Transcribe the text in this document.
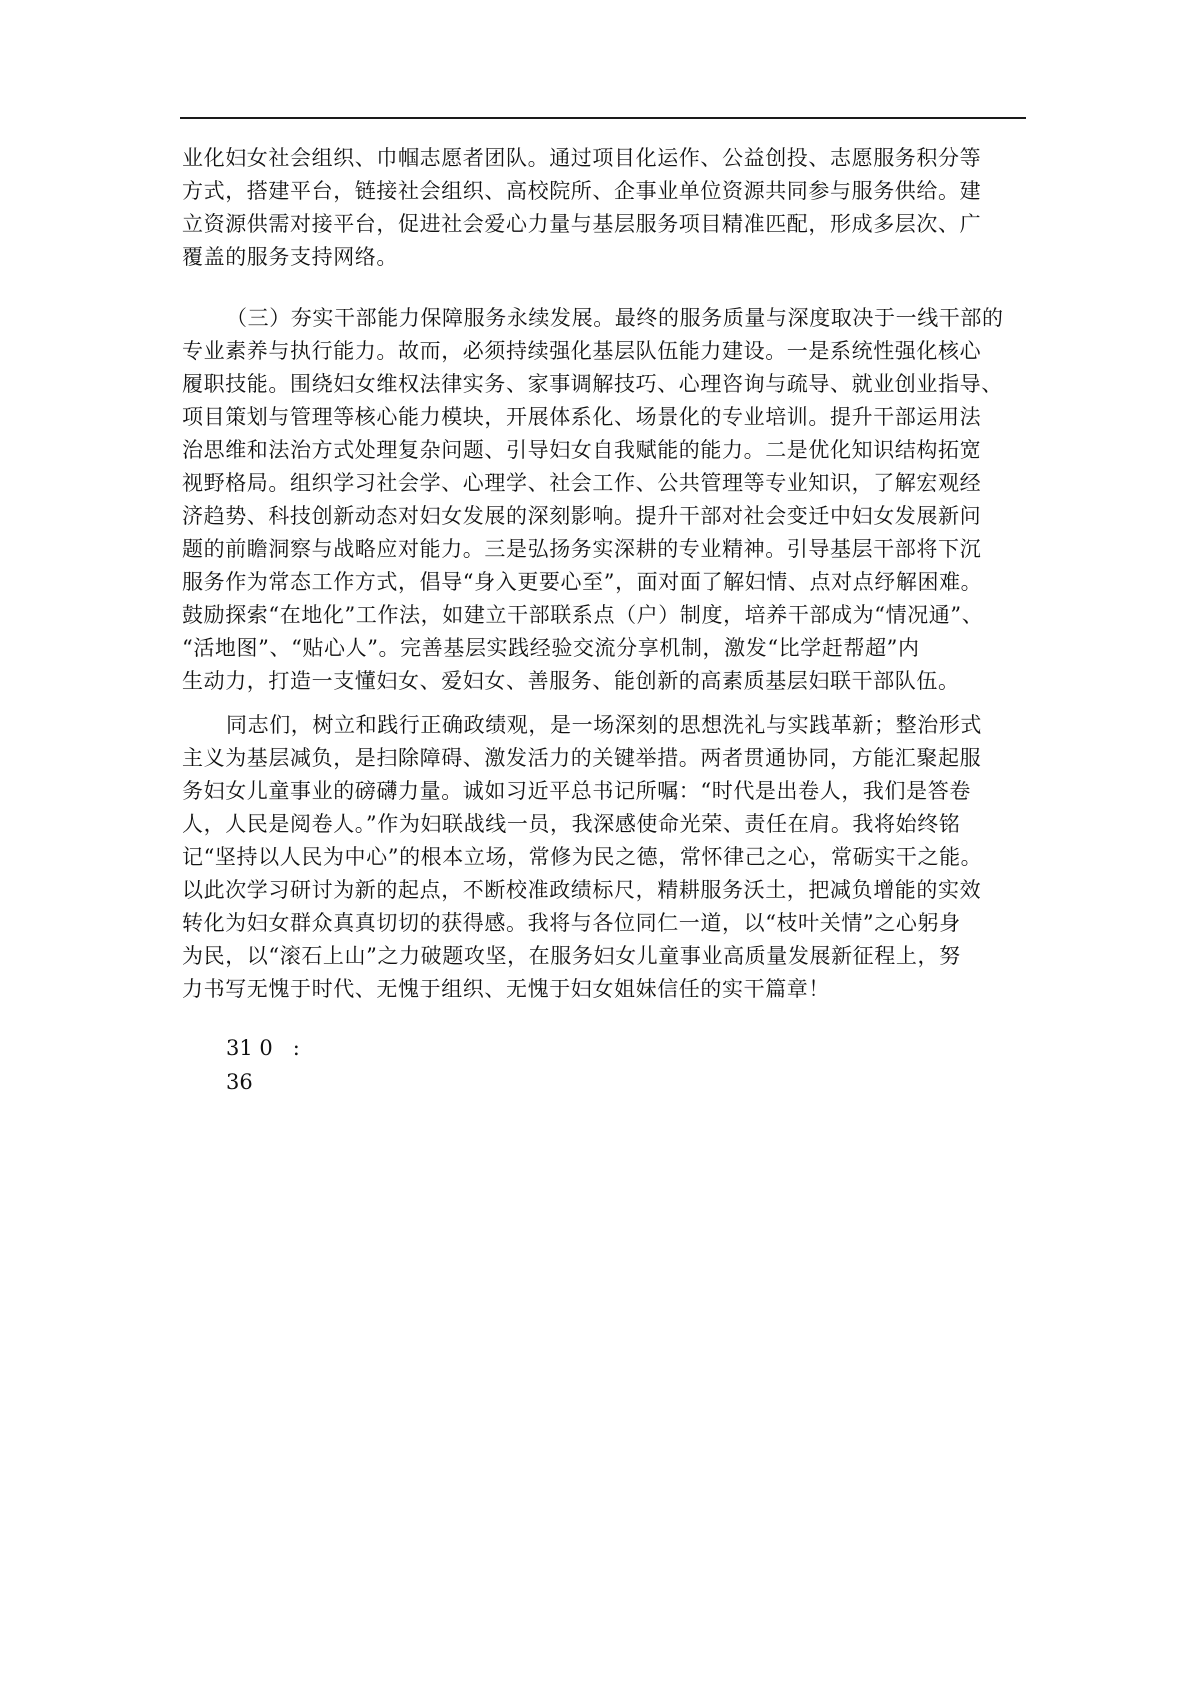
业化妇女社会组织、巾帼志愿者团队。通过项目化运作、公益创投、志愿服务积分等
方式，搭建平台，链接社会组织、高校院所、企事业单位资源共同参与服务供给。建
立资源供需对接平台，促进社会爱心力量与基层服务项目精准匹配，形成多层次、广
覆盖的服务支持网络。
（三）夯实干部能力保障服务永续发展。最终的服务质量与深度取决于一线干部的
专业素养与执行能力。故而，必须持续强化基层队伍能力建设。一是系统性强化核心
履职技能。围绕妇女维权法律实务、家事调解技巧、心理咨询与疏导、就业创业指导、
项目策划与管理等核心能力模块，开展体系化、场景化的专业培训。提升干部运用法
治思维和法治方式处理复杂问题、引导妇女自我赋能的能力。二是优化知识结构拓宽
视野格局。组织学习社会学、心理学、社会工作、公共管理等专业知识，了解宏观经
济趋势、科技创新动态对妇女发展的深刻影响。提升干部对社会变迁中妇女发展新问
题的前瞻洞察与战略应对能力。三是弘扬务实深耕的专业精神。引导基层干部将下沉
服务作为常态工作方式，倡导“身入更要心至”，面对面了解妇情、点对点纾解困难。
鼓励探索“在地化”工作法，如建立干部联系点（户）制度，培养干部成为“情况通”、
“活地图”、“贴心人”。完善基层实践经验交流分享机制，激发“比学赶帮超”内
生动力，打造一支懂妇女、爱妇女、善服务、能创新的高素质基层妇联干部队伍。
同志们，树立和践行正确政绩观，是一场深刻的思想洗礼与实践革新；整治形式
主义为基层减负，是扫除障碍、激发活力的关键举措。两者贯通协同，方能汇聚起服
务妇女儿童事业的磅礴力量。诚如习近平总书记所嘱：“时代是出卷人，我们是答卷
人，人民是阅卷人。”作为妇联战线一员，我深感使命光荣、责任在肩。我将始终铭
记“坚持以人民为中心”的根本立场，常修为民之德，常怀律己之心，常砺实干之能。
以此次学习研讨为新的起点，不断校准政绩标尺，精耕服务沃土，把减负增能的实效
转化为妇女群众真真切切的获得感。我将与各位同仁一道，以“枝叶关情”之心躬身
为民，以“滚石上山”之力破题攻坚，在服务妇女儿童事业高质量发展新征程上，努
力书写无愧于时代、无愧于组织、无愧于妇女姐妹信任的实干篇章！
31 0   :
36
